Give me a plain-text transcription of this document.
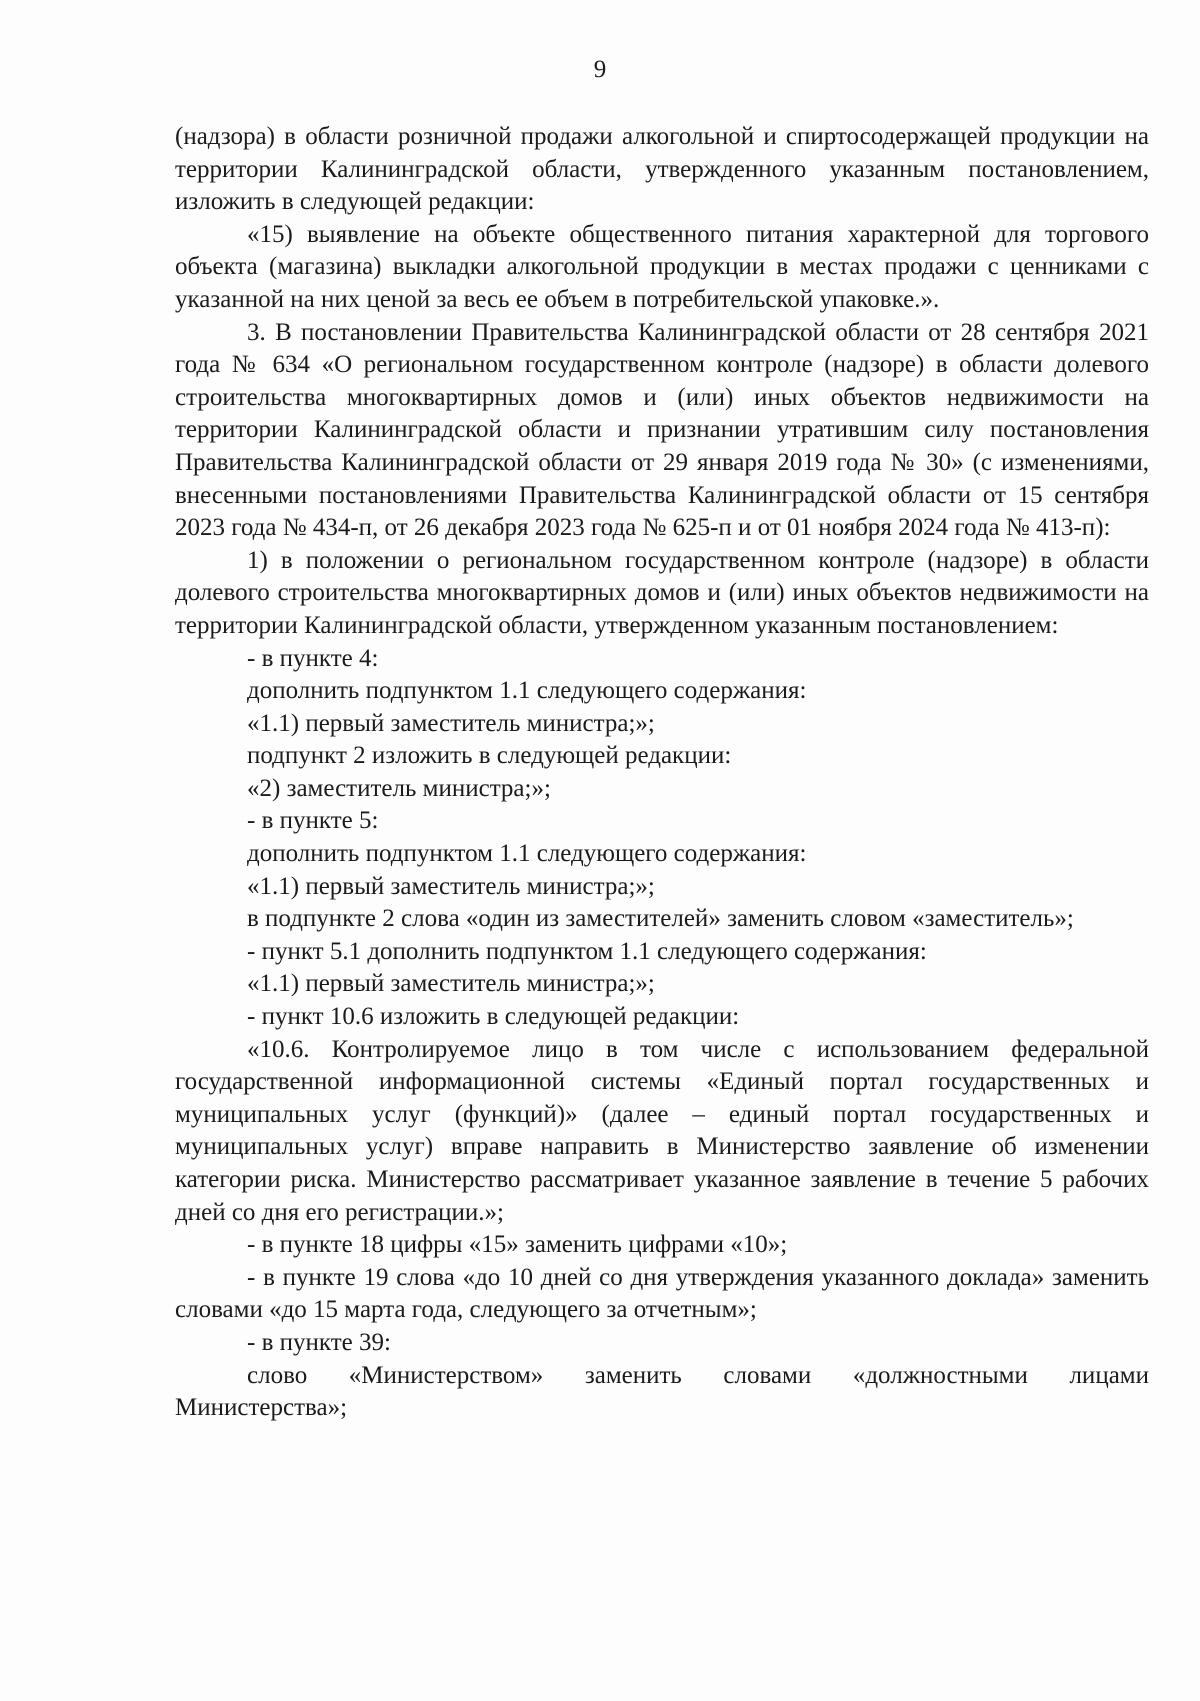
9

(надзора) в области розничной продажи алкогольной и спиртосодержащей продукции на территории Калининградской области, утвержденного указанным постановлением, изложить в следующей редакции:

«15) выявление на объекте общественного питания характерной для торгового объекта (магазина) выкладки алкогольной продукции в местах продажи с ценниками с указанной на них ценой за весь ее объем в потребительской упаковке.».

3. В постановлении Правительства Калининградской области от 28 сентября 2021 года № 634 «О региональном государственном контроле (надзоре) в области долевого строительства многоквартирных домов и (или) иных объектов недвижимости на территории Калининградской области и признании утратившим силу постановления Правительства Калининградской области от 29 января 2019 года № 30» (с изменениями, внесенными постановлениями Правительства Калининградской области от 15 сентября 2023 года № 434-п, от 26 декабря 2023 года № 625-п и от 01 ноября 2024 года № 413-п):

1) в положении о региональном государственном контроле (надзоре) в области долевого строительства многоквартирных домов и (или) иных объектов недвижимости на территории Калининградской области, утвержденном указанным постановлением:

- в пункте 4:

дополнить подпунктом 1.1 следующего содержания:

«1.1) первый заместитель министра;»;

подпункт 2 изложить в следующей редакции:

«2) заместитель министра;»;

- в пункте 5:

дополнить подпунктом 1.1 следующего содержания:

«1.1) первый заместитель министра;»;

в подпункте 2 слова «один из заместителей» заменить словом «заместитель»;

- пункт 5.1 дополнить подпунктом 1.1 следующего содержания:

«1.1) первый заместитель министра;»;

- пункт 10.6 изложить в следующей редакции:

«10.6. Контролируемое лицо в том числе с использованием федеральной государственной информационной системы «Единый портал государственных и муниципальных услуг (функций)» (далее – единый портал государственных и муниципальных услуг) вправе направить в Министерство заявление об изменении категории риска. Министерство рассматривает указанное заявление в течение 5 рабочих дней со дня его регистрации.»;

- в пункте 18 цифры «15» заменить цифрами «10»;

- в пункте 19 слова «до 10 дней со дня утверждения указанного доклада» заменить словами «до 15 марта года, следующего за отчетным»;

- в пункте 39:

слово «Министерством» заменить словами «должностными лицами Министерства»;
